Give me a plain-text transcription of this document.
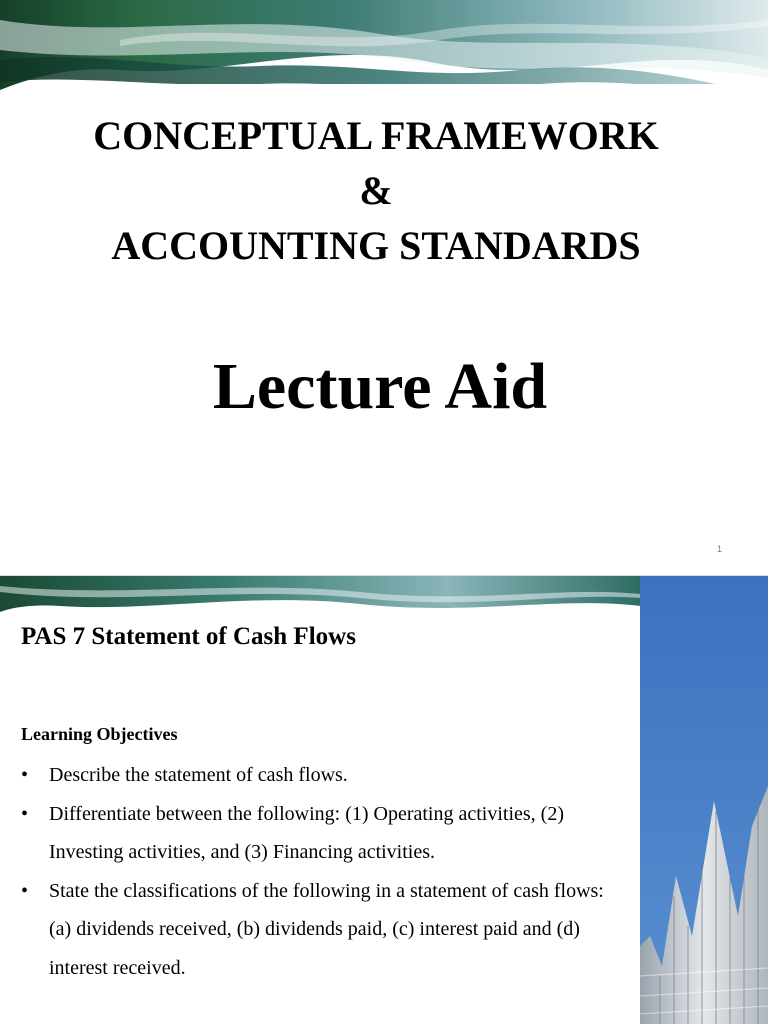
CONCEPTUAL FRAMEWORK
&
ACCOUNTING STANDARDS
Lecture Aid
1
PAS 7 Statement of Cash Flows
Learning Objectives
• Describe the statement of cash flows.
• Differentiate between the following: (1) Operating activities, (2) Investing activities, and (3) Financing activities.
• State the classifications of the following in a statement of cash flows: (a) dividends received, (b) dividends paid, (c) interest paid and (d) interest received.
